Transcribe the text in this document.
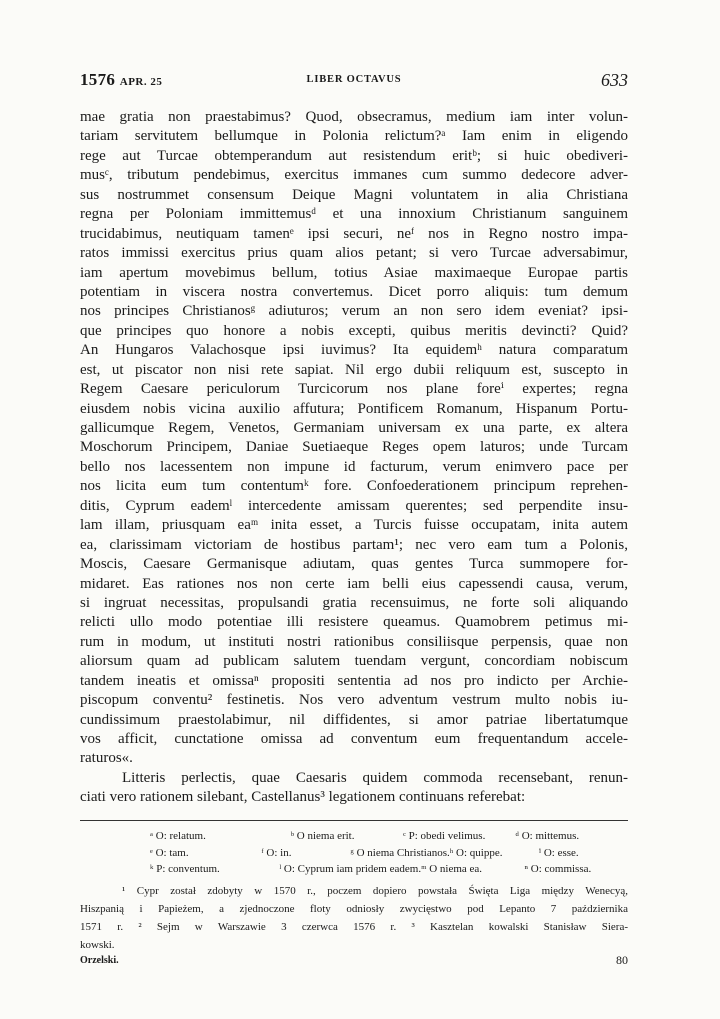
1576 APR. 25	LIBER OCTAVUS	633
mae gratia non praestabimus? Quod, obsecramus, medium iam inter volun-
tariam servitutem bellumque in Polonia relictum?ᵃ Iam enim in eligendo
rege aut Turcae obtemperandum aut resistendum eritᵇ; si huic obediveri-
musᶜ, tributum pendebimus, exercitus immanes cum summo dedecore adver-
sus nostrummet consensum Deique Magni voluntatem in alia Christiana
regna per Poloniam immittemusᵈ et una innoxium Christianum sanguinem
trucidabimus, neutiquam tamenᵉ ipsi securi, neᶠ nos in Regno nostro impa-
ratos immissi exercitus prius quam alios petant; si vero Turcae adversabimur,
iam apertum movebimus bellum, totius Asiae maximaeque Europae partis
potentiam in viscera nostra convertemus. Dicet porro aliquis: tum demum
nos principes Christianosᵍ adiuturos; verum an non sero idem eveniat? ipsi-
que principes quo honore a nobis excepti, quibus meritis devincti? Quid?
An Hungaros Valachosque ipsi iuvimus? Ita equidemʰ natura comparatum
est, ut piscator non nisi rete sapiat. Nil ergo dubii reliquum est, suscepto in
Regem Caesare periculorum Turcicorum nos plane foreⁱ expertes; regna
eiusdem nobis vicina auxilio affutura; Pontificem Romanum, Hispanum Portu-
gallicumque Regem, Venetos, Germaniam universam ex una parte, ex altera
Moschorum Principem, Daniae Suetiaeque Reges opem laturos; unde Turcam
bello nos lacessentem non impune id facturum, verum enimvero pace per
nos licita eum tum contentumᵏ fore. Confoederationem principum reprehen-
ditis, Cyprum eademˡ intercedente amissam querentes; sed perpendite insu-
lam illam, priusquam eaᵐ inita esset, a Turcis fuisse occupatam, inita autem
ea, clarissimam victoriam de hostibus partam¹; nec vero eam tum a Polonis,
Moscis, Caesare Germanisque adiutam, quas gentes Turca summopere for-
midaret. Eas rationes nos non certe iam belli eius capessendi causa, verum,
si ingruat necessitas, propulsandi gratia recensuimus, ne forte soli aliquando
relicti ullo modo potentiae illi resistere queamus. Quamobrem petimus mi-
rum in modum, ut instituti nostri rationibus consiliisque perpensis, quae non
aliorsum quam ad publicam salutem tuendam vergunt, concordiam nobiscum
tandem ineatis et omissaⁿ propositi sententia ad nos pro indicto per Archie-
piscopum conventu² festinetis. Nos vero adventum vestrum multo nobis iu-
cundissimum praestolabimur, nil diffidentes, si amor patriae libertatumque
vos afficit, cunctatione omissa ad conventum eum frequentandum accele-
raturos«.
Litteris perlectis, quae Caesaris quidem commoda recensebant, renun-
ciati vero rationem silebant, Castellanus³ legationem continuans referebat:
ᵃ O: relatum.	ᵇ O niema erit.	ᶜ P: obedi velimus.	ᵈ O: mittemus.
ᵉ O: tam.	ᶠ O: in.	ᵍ O niema Christianos. ʰ O: quippe.	ⁱ O: esse.
ᵏ P: conventum.	ˡ O: Cyprum iam pridem eadem. ᵐ O niema ea.	ⁿ O: commissa.
¹ Cypr został zdobyty w 1570 r., poczem dopiero powstała Święta Liga między Wenecyą,
Hiszpanią i Papieżem, a zjednoczone floty odniosły zwycięstwo pod Lepanto 7 października
1571 r. ² Sejm w Warszawie 3 czerwca 1576 r. ³ Kasztelan kowalski Stanisław Siera-
kowski.
Orzelski.	80
